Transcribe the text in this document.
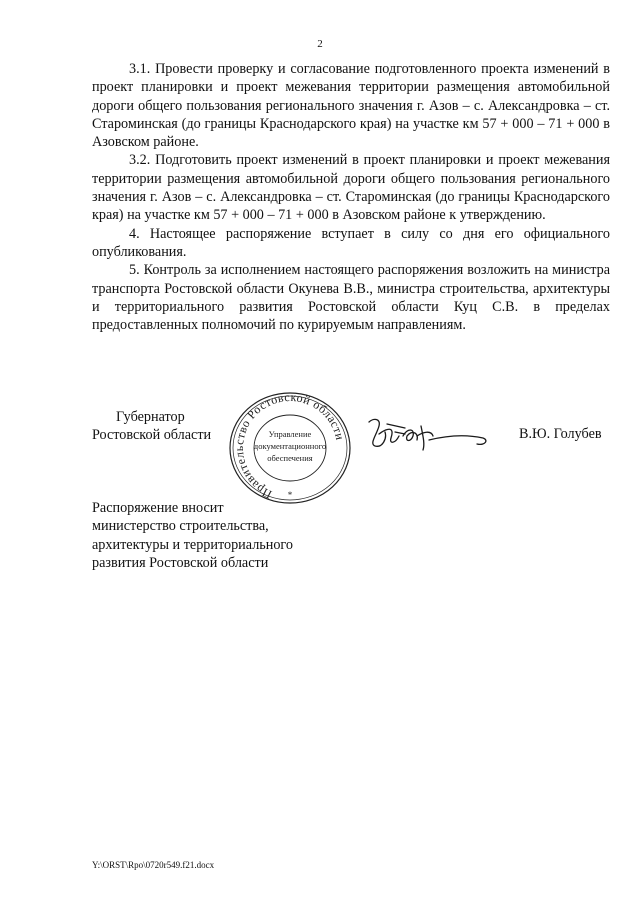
2

3.1. Провести проверку и согласование подготовленного проекта изменений в проект планировки и проект межевания территории размещения автомобильной дороги общего пользования регионального значения г. Азов – с. Александровка – ст. Староминская (до границы Краснодарского края) на участке км 57 + 000 – 71 + 000 в Азовском районе.

3.2. Подготовить проект изменений в проект планировки и проект межевания территории размещения автомобильной дороги общего пользования регионального значения г. Азов – с. Александровка – ст. Староминская (до границы Краснодарского края) на участке км 57 + 000 – 71 + 000 в Азовском районе к утверждению.

4. Настоящее распоряжение вступает в силу со дня его официального опубликования.

5. Контроль за исполнением настоящего распоряжения возложить на министра транспорта Ростовской области Окунева В.В., министра строительства, архитектуры и территориального развития Ростовской области Куц С.В. в пределах предоставленных полномочий по курируемым направлениям.

Губернатор
Ростовской области
Правительство Ростовской области
Управление
документационного
обеспечения
*
В.Ю. Голубев
Распоряжение вносит
министерство строительства,
архитектуры и территориального
развития Ростовской области
Y:\ORST\Rpo\0720r549.f21.docx
